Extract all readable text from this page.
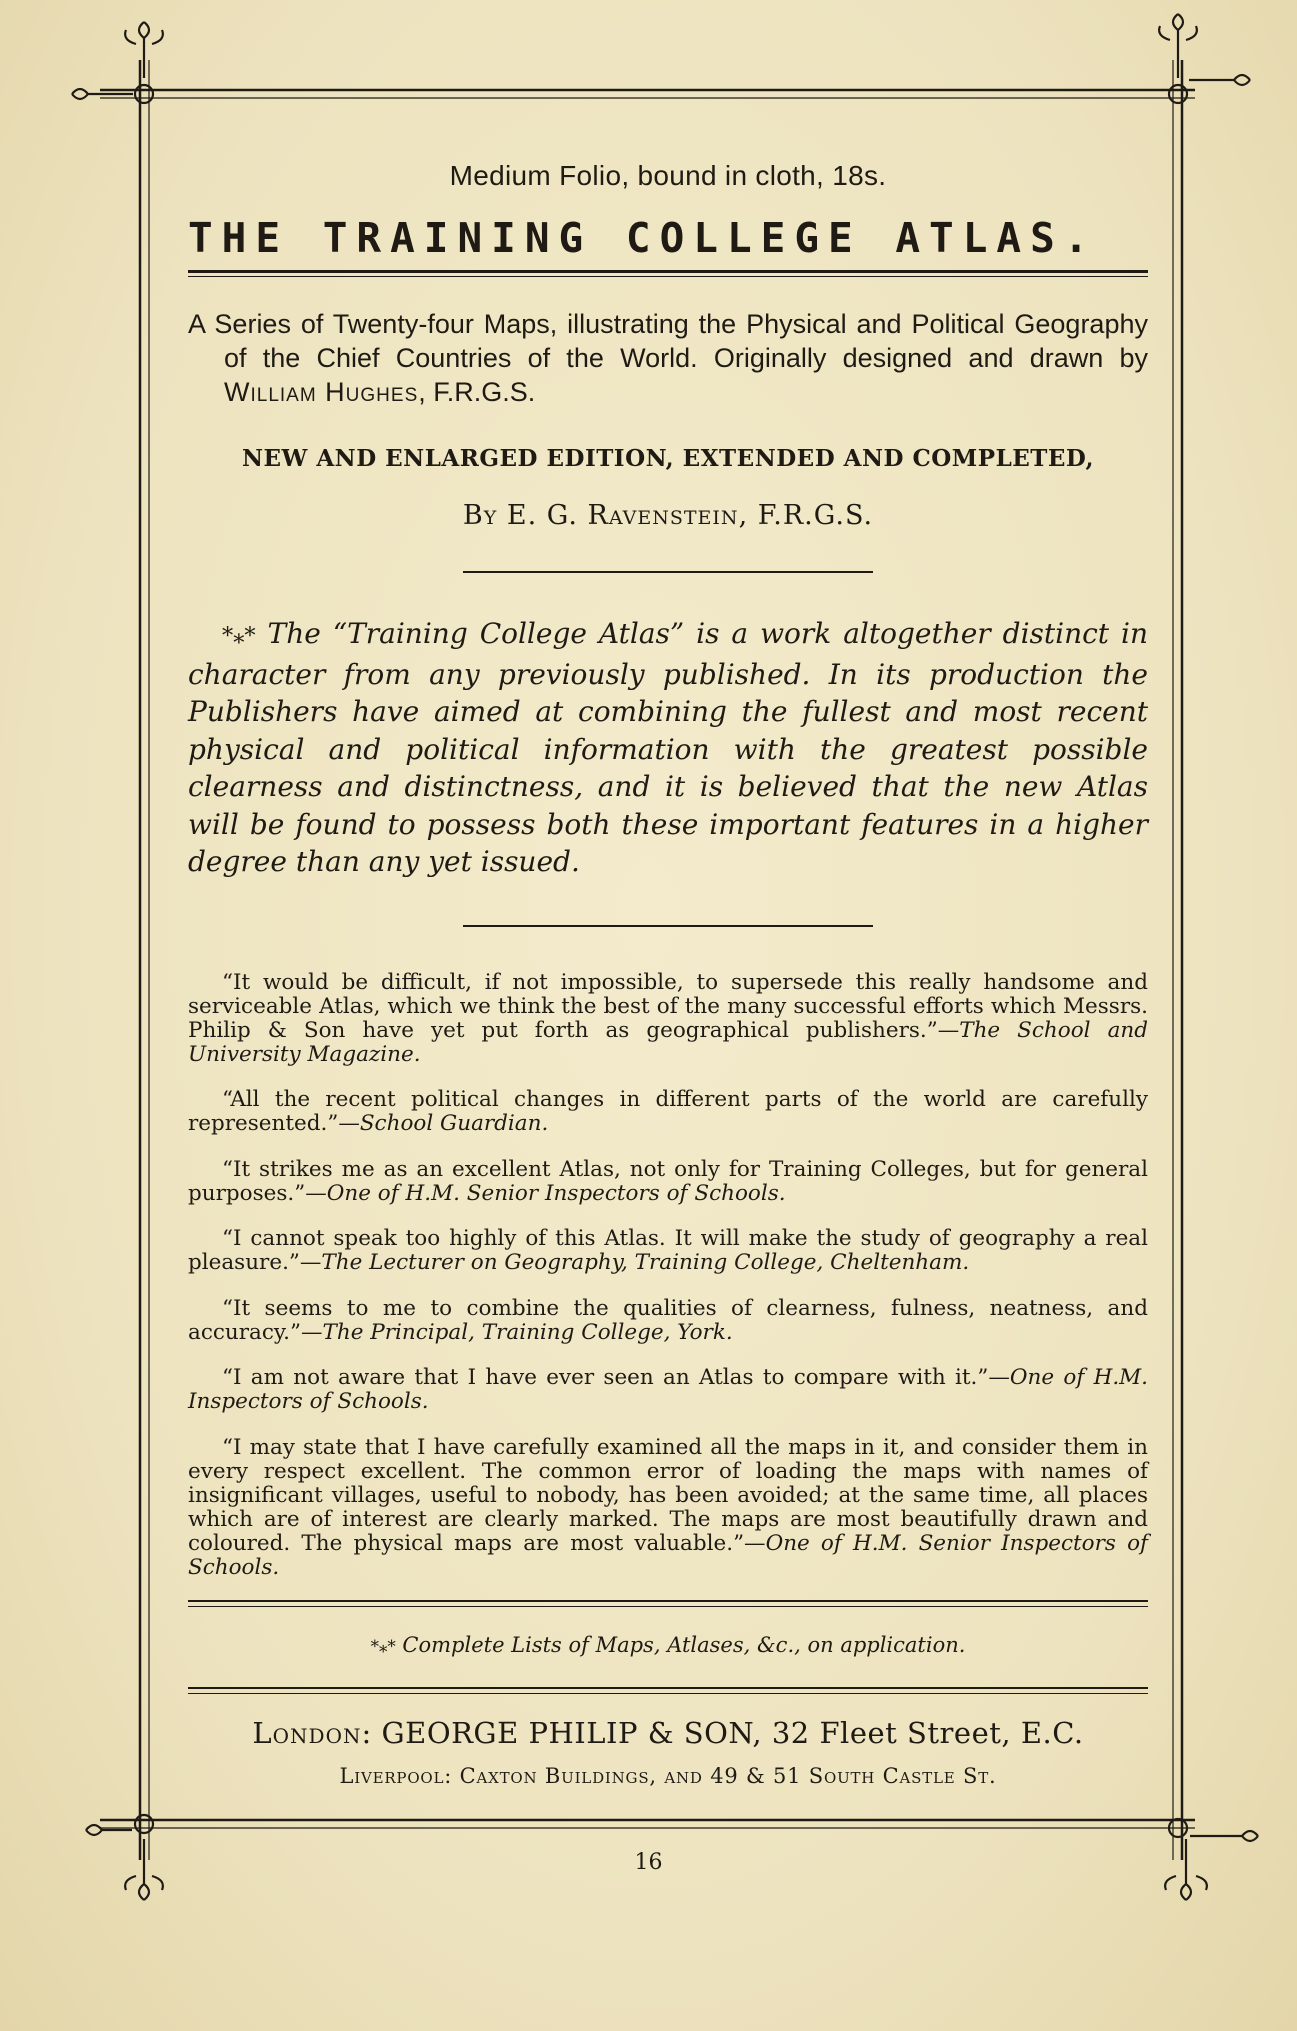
Medium Folio, bound in cloth, 18s.
THE TRAINING COLLEGE ATLAS.
A Series of Twenty-four Maps, illustrating the Physical and Political Geography of the Chief Countries of the World. Originally designed and drawn by William Hughes, F.R.G.S.
NEW AND ENLARGED EDITION, EXTENDED AND COMPLETED,
By E. G. Ravenstein, F.R.G.S.
*⁎* The “Training College Atlas” is a work altogether distinct in character from any previously published. In its production the Publishers have aimed at combining the fullest and most recent physical and political information with the greatest possible clearness and distinctness, and it is believed that the new Atlas will be found to possess both these important features in a higher degree than any yet issued.

“It would be difficult, if not impossible, to supersede this really handsome and serviceable Atlas, which we think the best of the many successful efforts which Messrs. Philip & Son have yet put forth as geographical publishers.”—The School and University Magazine.

“All the recent political changes in different parts of the world are carefully represented.”—School Guardian.

“It strikes me as an excellent Atlas, not only for Training Colleges, but for general purposes.”—One of H.M. Senior Inspectors of Schools.

“I cannot speak too highly of this Atlas. It will make the study of geography a real pleasure.”—The Lecturer on Geography, Training College, Cheltenham.

“It seems to me to combine the qualities of clearness, fulness, neatness, and accuracy.”—The Principal, Training College, York.

“I am not aware that I have ever seen an Atlas to compare with it.”—One of H.M. Inspectors of Schools.

“I may state that I have carefully examined all the maps in it, and consider them in every respect excellent. The common error of loading the maps with names of insignificant villages, useful to nobody, has been avoided; at the same time, all places which are of interest are clearly marked. The maps are most beautifully drawn and coloured. The physical maps are most valuable.”—One of H.M. Senior Inspectors of Schools.

*⁎* Complete Lists of Maps, Atlases, &c., on application.
London: GEORGE PHILIP & SON, 32 Fleet Street, E.C.
Liverpool: Caxton Buildings, and 49 & 51 South Castle St.
16
